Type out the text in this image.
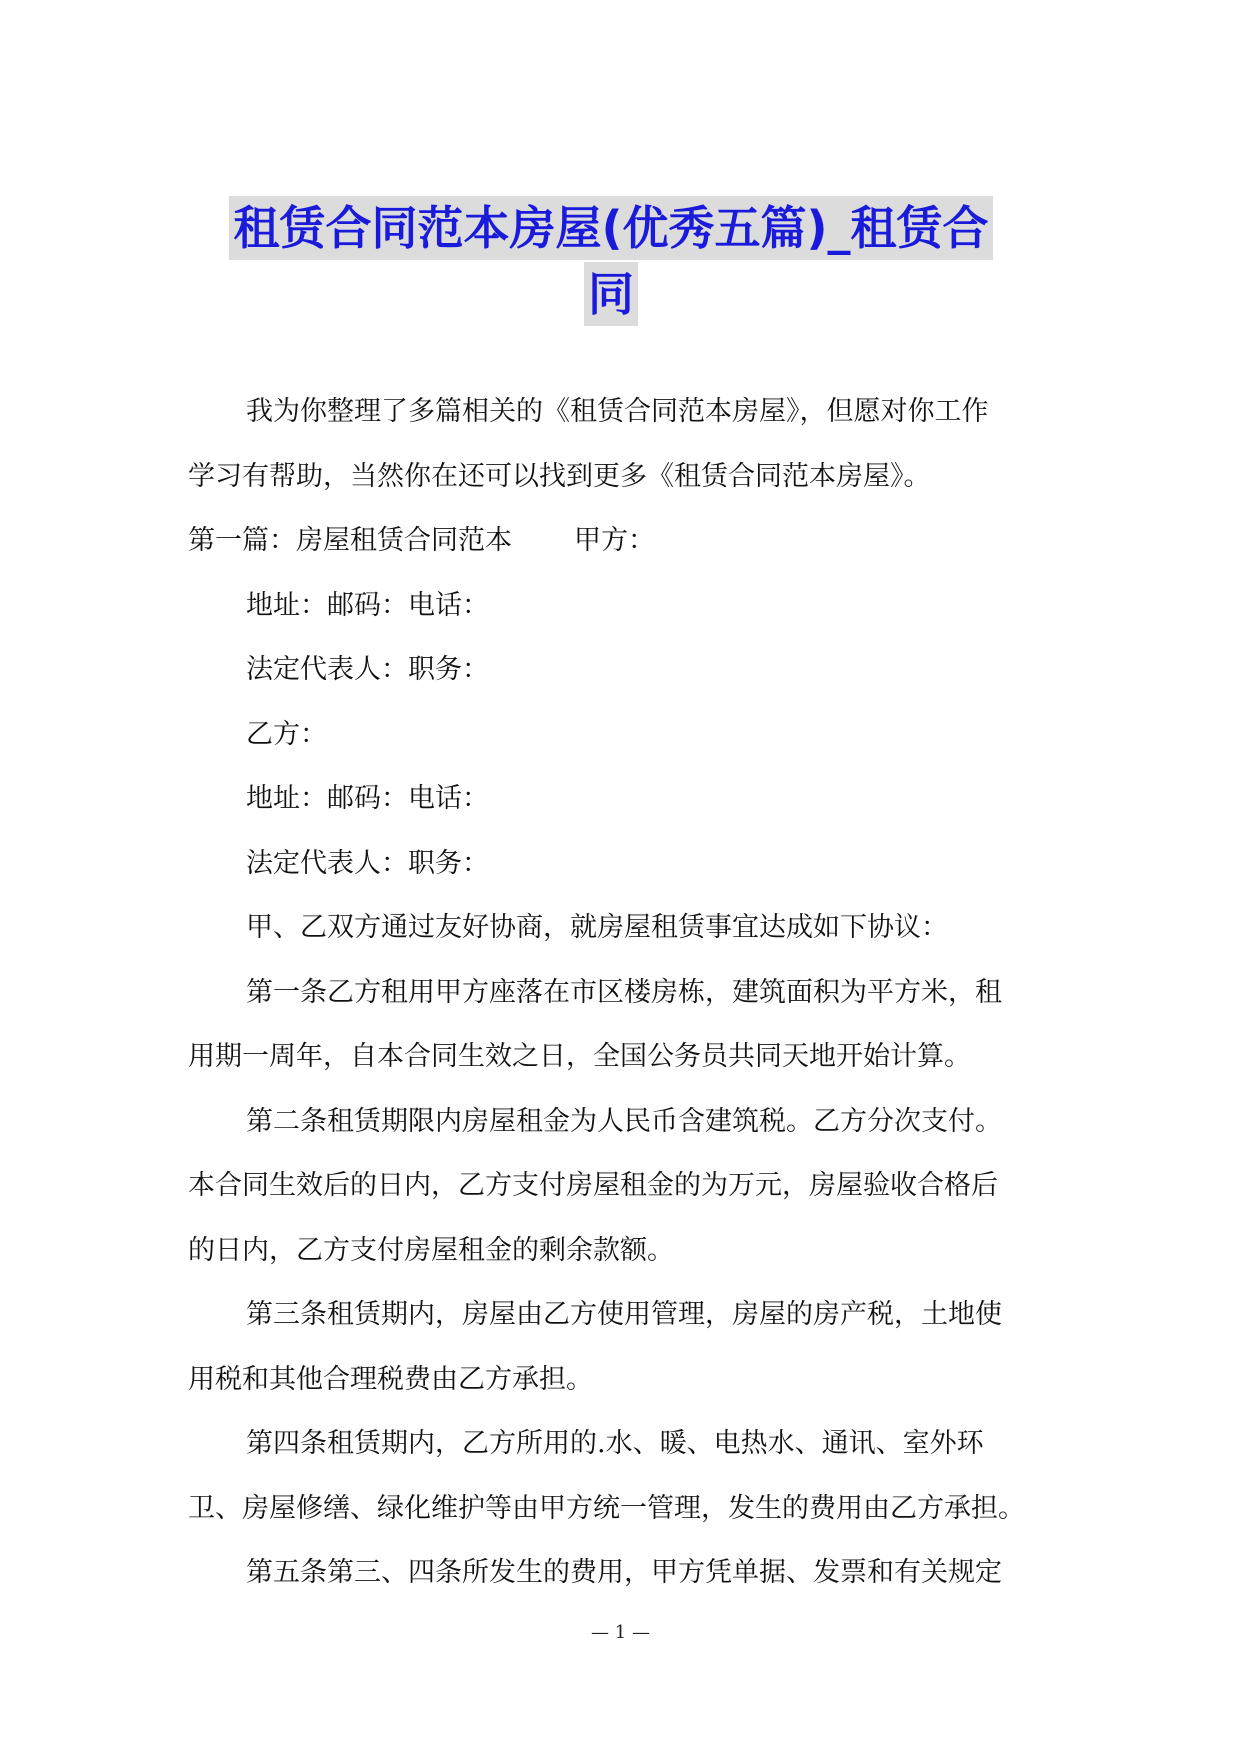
租赁合同范本房屋(优秀五篇)_租赁合
同

我为你整理了多篇相关的《租赁合同范本房屋》，但愿对你工作

学习有帮助，当然你在还可以找到更多《租赁合同范本房屋》。

第一篇：房屋租赁合同范本 甲方：

地址：邮码：电话：

法定代表人：职务：

乙方：

地址：邮码：电话：

法定代表人：职务：

甲、乙双方通过友好协商，就房屋租赁事宜达成如下协议：

第一条乙方租用甲方座落在市区楼房栋，建筑面积为平方米，租

用期一周年，自本合同生效之日，全国公务员共同天地开始计算。

第二条租赁期限内房屋租金为人民币含建筑税。乙方分次支付。

本合同生效后的日内，乙方支付房屋租金的为万元，房屋验收合格后

的日内，乙方支付房屋租金的剩余款额。

第三条租赁期内，房屋由乙方使用管理，房屋的房产税，土地使

用税和其他合理税费由乙方承担。

第四条租赁期内，乙方所用的.水、暖、电热水、通讯、室外环

卫、房屋修缮、绿化维护等由甲方统一管理，发生的费用由乙方承担。

第五条第三、四条所发生的费用，甲方凭单据、发票和有关规定

— 1 —
